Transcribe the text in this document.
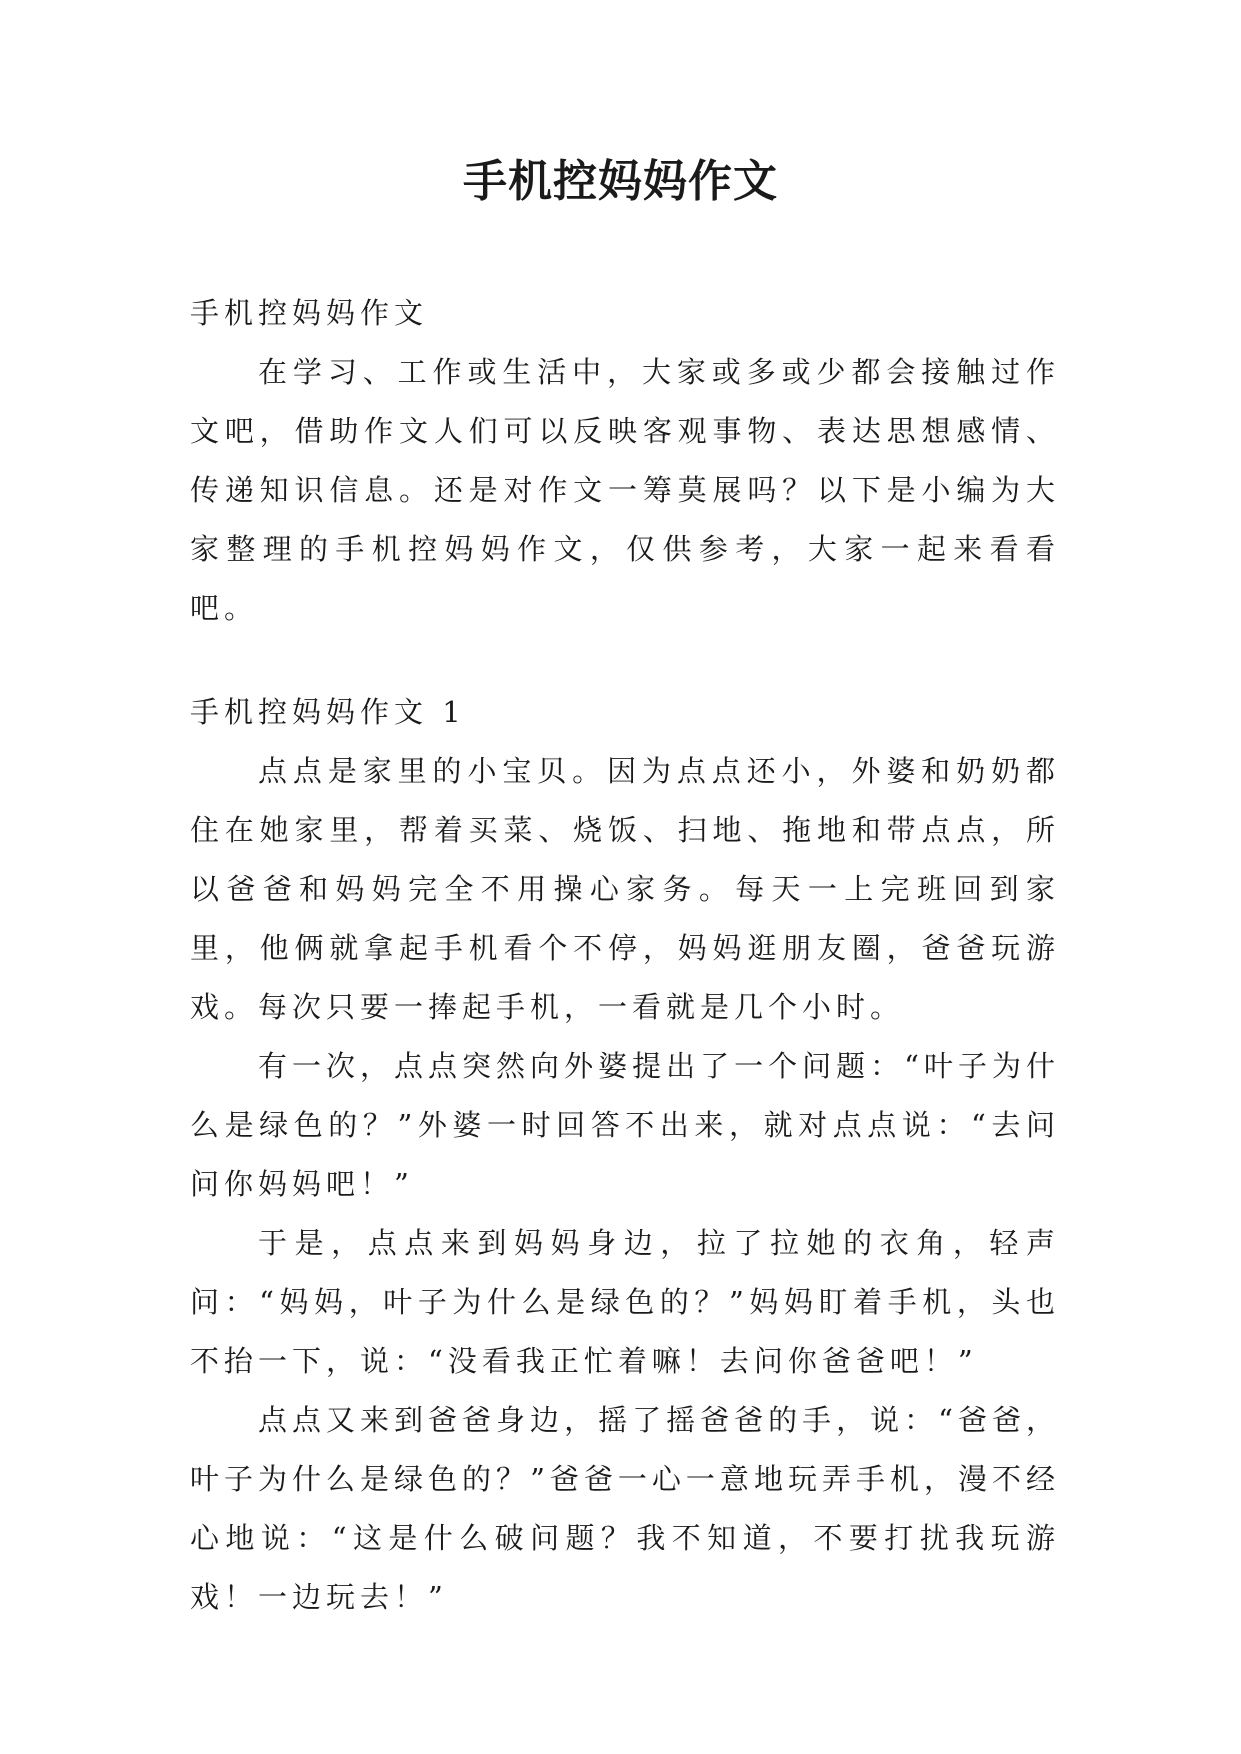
手机控妈妈作文

手机控妈妈作文

在学习、工作或生活中，大家或多或少都会接触过作文吧，借助作文人们可以反映客观事物、表达思想感情、传递知识信息。还是对作文一筹莫展吗？以下是小编为大家整理的手机控妈妈作文，仅供参考，大家一起来看看吧。

手机控妈妈作文 1

点点是家里的小宝贝。因为点点还小，外婆和奶奶都住在她家里，帮着买菜、烧饭、扫地、拖地和带点点，所以爸爸和妈妈完全不用操心家务。每天一上完班回到家里，他俩就拿起手机看个不停，妈妈逛朋友圈，爸爸玩游戏。每次只要一捧起手机，一看就是几个小时。

有一次，点点突然向外婆提出了一个问题：“叶子为什么是绿色的？”外婆一时回答不出来，就对点点说：“去问问你妈妈吧！”

于是，点点来到妈妈身边，拉了拉她的衣角，轻声问：“妈妈，叶子为什么是绿色的？”妈妈盯着手机，头也不抬一下，说：“没看我正忙着嘛！去问你爸爸吧！”

点点又来到爸爸身边，摇了摇爸爸的手，说：“爸爸，叶子为什么是绿色的？”爸爸一心一意地玩弄手机，漫不经心地说：“这是什么破问题？我不知道，不要打扰我玩游戏！一边玩去！”
